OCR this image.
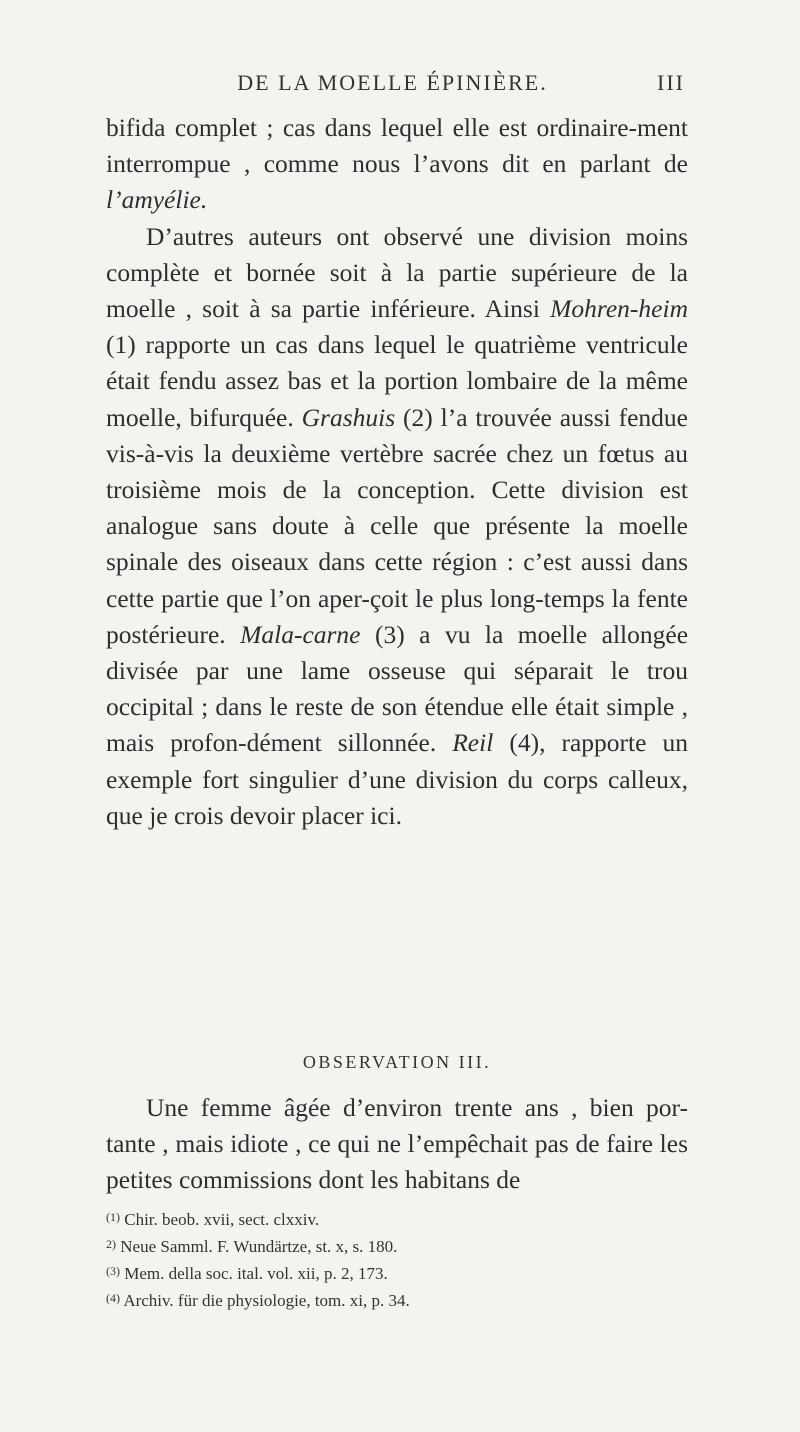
DE LA MOELLE ÉPINIÈRE.	III

bifida complet ; cas dans lequel elle est ordinaire-ment interrompue , comme nous l’avons dit en parlant de l’amyélie.

D’autres auteurs ont observé une division moins complète et bornée soit à la partie supérieure de la moelle , soit à sa partie inférieure. Ainsi Mohren-heim (1) rapporte un cas dans lequel le quatrième ventricule était fendu assez bas et la portion lombaire de la même moelle, bifurquée. Grashuis (2) l’a trouvée aussi fendue vis-à-vis la deuxième vertèbre sacrée chez un fœtus au troisième mois de la conception. Cette division est analogue sans doute à celle que présente la moelle spinale des oiseaux dans cette région : c’est aussi dans cette partie que l’on aper-çoit le plus long-temps la fente postérieure. Mala-carne (3) a vu la moelle allongée divisée par une lame osseuse qui séparait le trou occipital ; dans le reste de son étendue elle était simple , mais profon-dément sillonnée. Reil (4), rapporte un exemple fort singulier d’une division du corps calleux, que je crois devoir placer ici.

OBSERVATION III.
Une femme âgée d’environ trente ans , bien por-tante , mais idiote , ce qui ne l’empêchait pas de faire les petites commissions dont les habitans de
$^{(1)}$ Chir. beob. xvii, sect. clxxiv.
$^{2)}$ Neue Samml. F. Wundärtze, st. x, s. 180.
$^{(3)}$ Mem. della soc. ital. vol. xii, p. 2, 173.
$^{(4)}$ Archiv. für die physiologie, tom. xi, p. 34.
